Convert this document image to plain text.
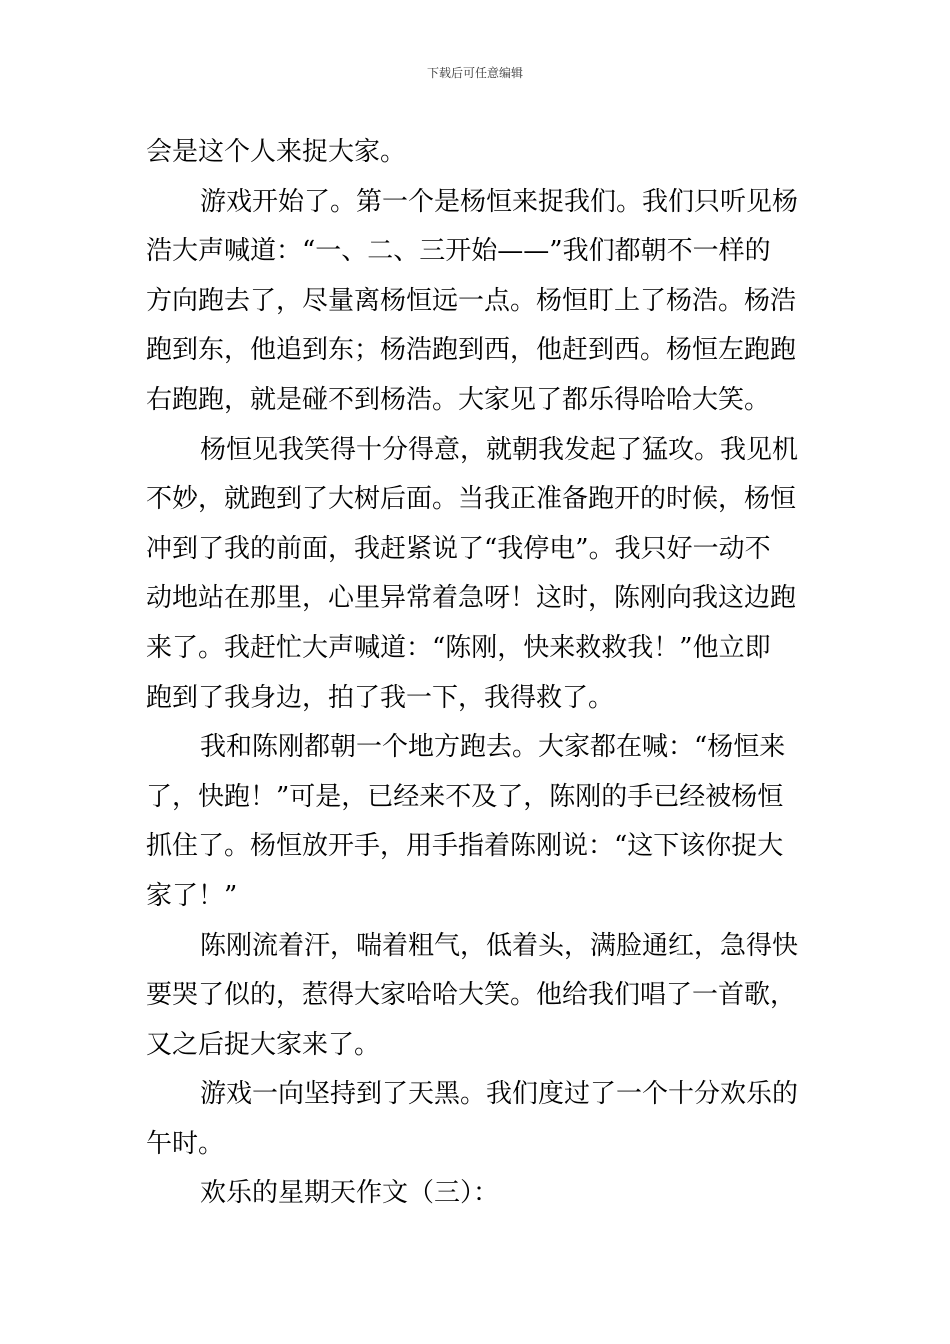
下载后可任意编辑
会是这个人来捉大家。
游戏开始了。第一个是杨恒来捉我们。我们只听见杨
浩大声喊道：“一、二、三开始——”我们都朝不一样的
方向跑去了，尽量离杨恒远一点。杨恒盯上了杨浩。杨浩
跑到东，他追到东；杨浩跑到西，他赶到西。杨恒左跑跑
右跑跑，就是碰不到杨浩。大家见了都乐得哈哈大笑。
杨恒见我笑得十分得意，就朝我发起了猛攻。我见机
不妙，就跑到了大树后面。当我正准备跑开的时候，杨恒
冲到了我的前面，我赶紧说了“我停电”。我只好一动不
动地站在那里，心里异常着急呀！这时，陈刚向我这边跑
来了。我赶忙大声喊道：“陈刚，快来救救我！”他立即
跑到了我身边，拍了我一下，我得救了。
我和陈刚都朝一个地方跑去。大家都在喊：“杨恒来
了，快跑！”可是，已经来不及了，陈刚的手已经被杨恒
抓住了。杨恒放开手，用手指着陈刚说：“这下该你捉大
家了！”
陈刚流着汗，喘着粗气，低着头，满脸通红，急得快
要哭了似的，惹得大家哈哈大笑。他给我们唱了一首歌，
又之后捉大家来了。
游戏一向坚持到了天黑。我们度过了一个十分欢乐的
午时。
欢乐的星期天作文（三）：
